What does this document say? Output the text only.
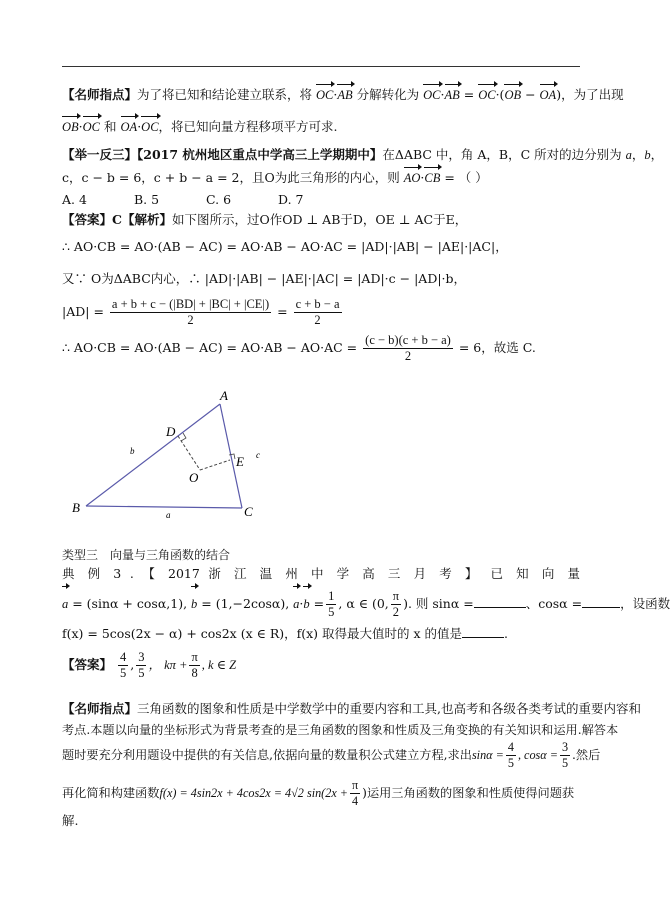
【名师指点】为了将已知和结论建立联系，将 OC·AB 分解转化为 OC·AB = OC·(OB − OA)，为了出现
OB·OC 和 OA·OC，将已知向量方程移项平方可求.
【举一反三】【2017 杭州地区重点中学高三上学期期中】在ΔABC 中，角 A，B，C 所对的边分别为 a，b，
c，c − b = 6，c + b − a = 2，且O为此三角形的内心，则 AO·CB = （ ）
A. 4	B. 5	C. 6	D. 7
【答案】C【解析】如下图所示，过O作OD ⊥ AB于D，OE ⊥ AC于E，
∴ AO·CB = AO·(AB − AC) = AO·AB − AO·AC = |AD|·|AB| − |AE|·|AC|，
又∵ O为ΔABC内心，∴ |AD|·|AB| − |AE|·|AC| = |AD|·c − |AD|·b，
$|AD| = \frac{a + b + c - (|BD| + |BC| + |CE|)}{2} = \frac{c + b - a}{2}$
∴ $AO\cdot CB = AO\cdot(AB - AC) = AO\cdot AB - AO\cdot AC = \frac{(c - b)(c + b - a)}{2} = 6$，故选 C.
A
B	C
D
E
O
a
b	c
类型三　向量与三角函数的结合
典 例 3 . 【 2017 浙 江 温 州 中 学 高 三 月 考 】 已 知 向 量
a = (sinα + cosα,1), b = (1,−2cosα), $a\cdot b = \frac{1}{5}$ , α ∈ (0, $\frac{\pi}{2}$ ). 则 sinα =	、cosα =	，设函数
f(x) = 5cos(2x − α) + cos2x (x ∈ R)，f(x) 取得最大值时的 x 的值是	.
【答案】 $\frac{4}{5}$ , $\frac{3}{5}$ ， $k\pi + \frac{\pi}{8}$ , k ∈ Z
【名师指点】三角函数的图象和性质是中学数学中的重要内容和工具,也高考和各级各类考试的重要内容和
考点.本题以向量的坐标形式为背景考查的是三角函数的图象和性质及三角变换的有关知识和运用.解答本
题时要充分利用题设中提供的有关信息,依据向量的数量积公式建立方程,求出$\sin\alpha = \frac{4}{5}$ , $\cos\alpha = \frac{3}{5}$ .然后
再化简和构建函数f(x) = 4sin2x + 4cos2x = 4√2 $\sin(2x + \frac{\pi}{4}$ )运用三角函数的图象和性质使得问题获
解.
